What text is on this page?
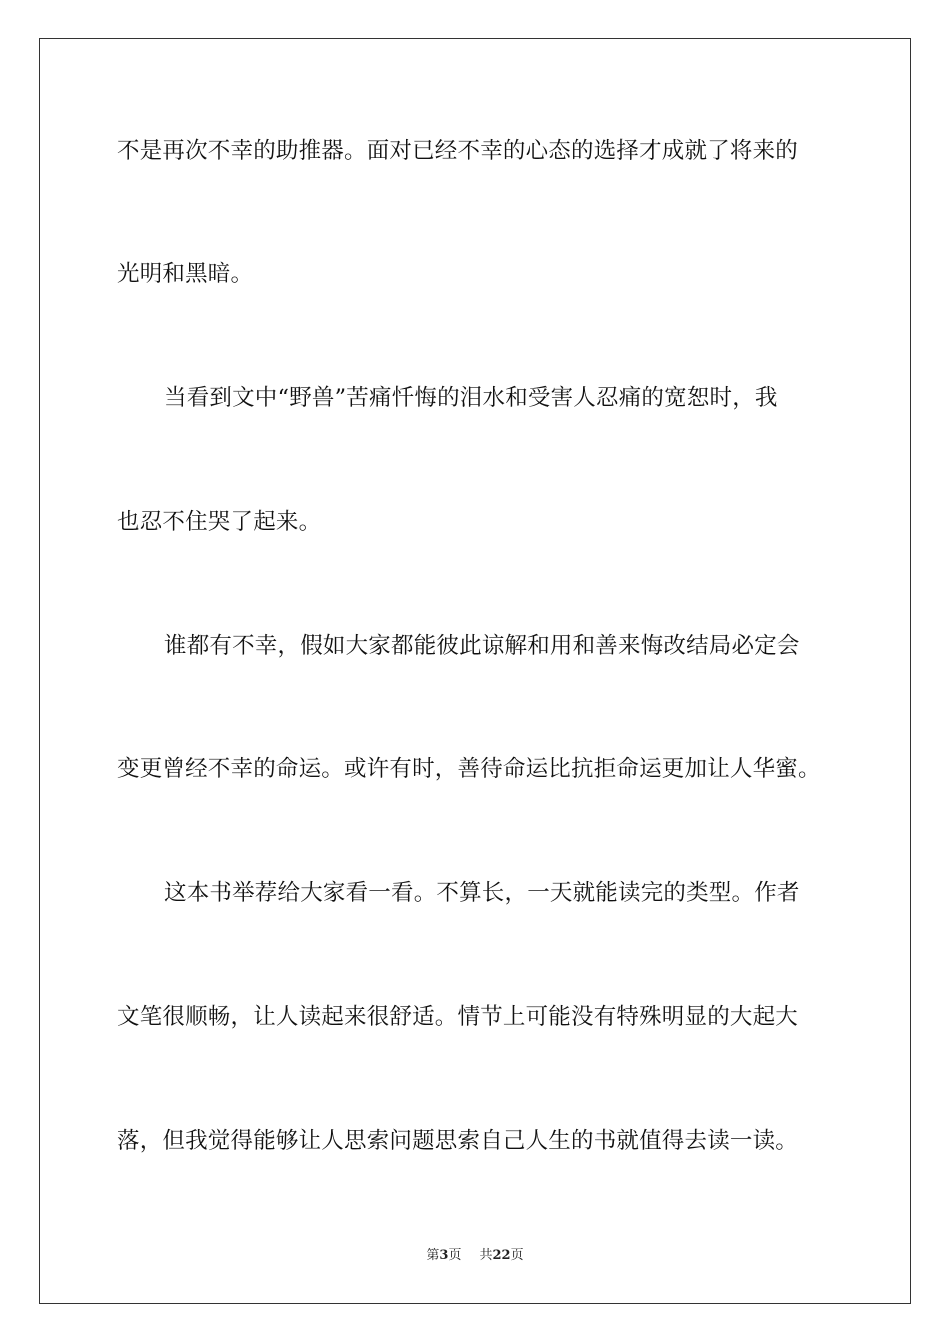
不是再次不幸的助推器。面对已经不幸的心态的选择才成就了将来的
光明和黑暗。
当看到文中“野兽”苦痛忏悔的泪水和受害人忍痛的宽恕时，我
也忍不住哭了起来。
谁都有不幸，假如大家都能彼此谅解和用和善来悔改结局必定会
变更曾经不幸的命运。或许有时，善待命运比抗拒命运更加让人华蜜。
这本书举荐给大家看一看。不算长，一天就能读完的类型。作者
文笔很顺畅，让人读起来很舒适。情节上可能没有特殊明显的大起大
落，但我觉得能够让人思索问题思索自己人生的书就值得去读一读。
第3页 共22页
